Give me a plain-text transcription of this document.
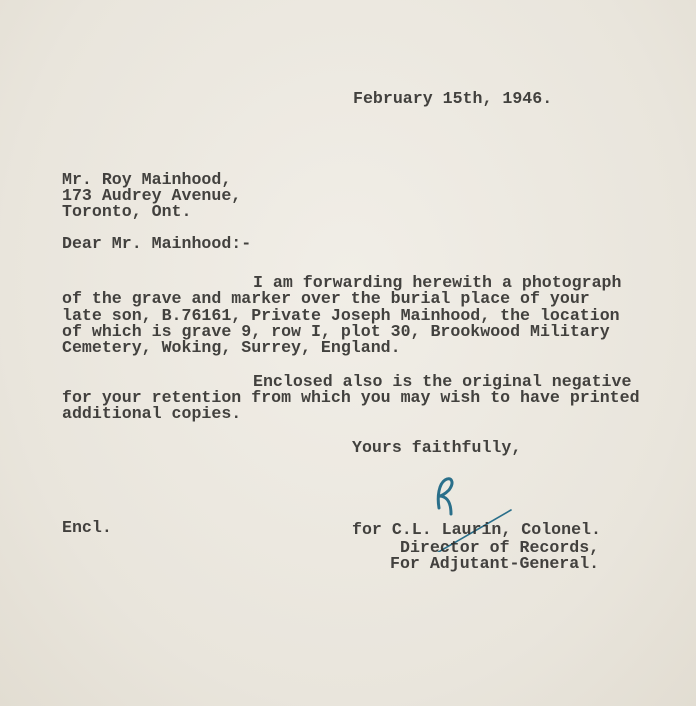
February 15th, 1946.
Mr. Roy Mainhood,
173 Audrey Avenue,
Toronto, Ont.
Dear Mr. Mainhood:-
I am forwarding herewith a photograph
of the grave and marker over the burial place of your
late son, B.76161, Private Joseph Mainhood, the location
of which is grave 9, row I, plot 30, Brookwood Military
Cemetery, Woking, Surrey, England.
Enclosed also is the original negative
for your retention from which you may wish to have printed
additional copies.
Yours faithfully,
Encl.	for C.L. Laurin, Colonel.
Director of Records,
For Adjutant-General.
